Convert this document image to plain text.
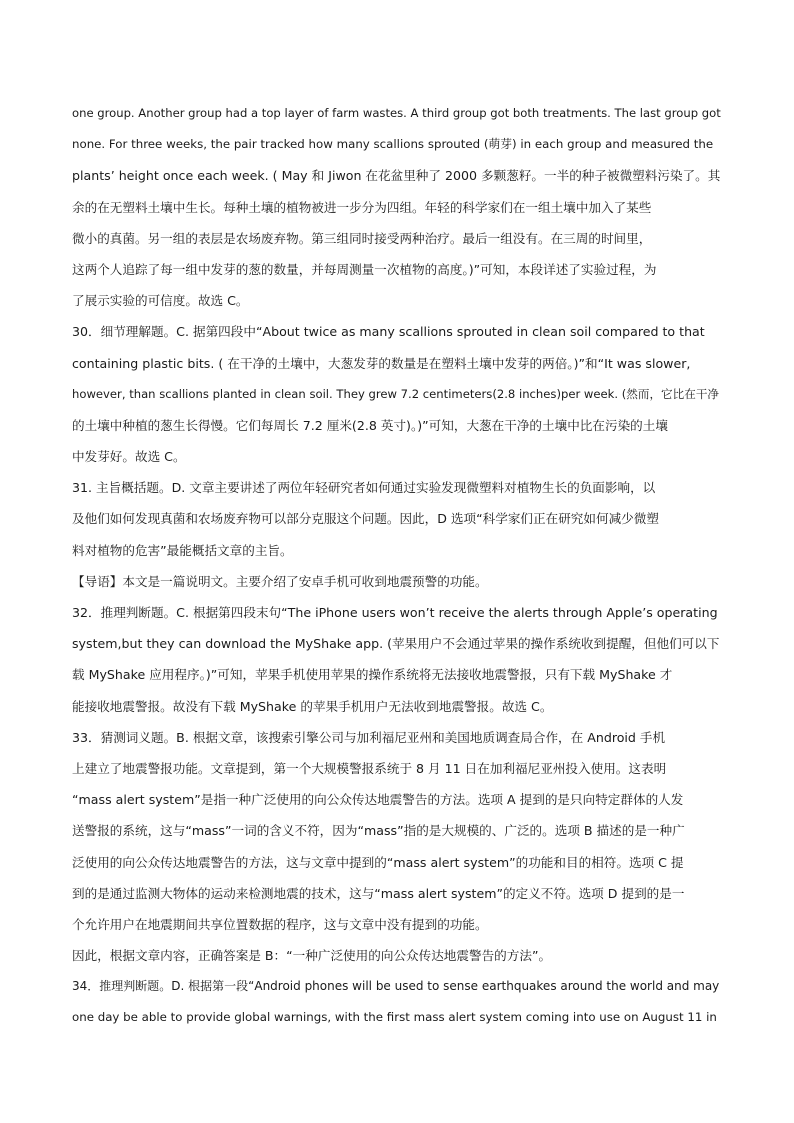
one group. Another group had a top layer of farm wastes. A third group got both treatments. The last group got
none. For three weeks, the pair tracked how many scallions sprouted (萌芽) in each group and measured the
plants’ height once each week. ( May 和 Jiwon 在花盆里种了 2000 多颗葱籽。一半的种子被微塑料污染了。其
余的在无塑料土壤中生长。每种土壤的植物被进一步分为四组。年轻的科学家们在一组土壤中加入了某些
微小的真菌。另一组的表层是农场废弃物。第三组同时接受两种治疗。最后一组没有。在三周的时间里，
这两个人追踪了每一组中发芽的葱的数量，并每周测量一次植物的高度。)”可知，本段详述了实验过程，为
了展示实验的可信度。故选 C。
30．细节理解题。C. 据第四段中“About twice as many scallions sprouted in clean soil compared to that
containing plastic bits. ( 在干净的土壤中，大葱发芽的数量是在塑料土壤中发芽的两倍。)”和“It was slower,
however, than scallions planted in clean soil. They grew 7.2 centimeters(2.8 inches)per week. (然而，它比在干净
的土壤中种植的葱生长得慢。它们每周长 7.2 厘米(2.8 英寸)。)”可知，大葱在干净的土壤中比在污染的土壤
中发芽好。故选 C。
31. 主旨概括题。D. 文章主要讲述了两位年轻研究者如何通过实验发现微塑料对植物生长的负面影响，以
及他们如何发现真菌和农场废弃物可以部分克服这个问题。因此，D 选项“科学家们正在研究如何减少微塑
料对植物的危害”最能概括文章的主旨。
【导语】本文是一篇说明文。主要介绍了安卓手机可收到地震预警的功能。
32．推理判断题。C. 根据第四段末句“The iPhone users won’t receive the alerts through Apple’s operating
system,but they can download the MyShake app. (苹果用户不会通过苹果的操作系统收到提醒，但他们可以下
载 MyShake 应用程序。)”可知，苹果手机使用苹果的操作系统将无法接收地震警报，只有下载 MyShake 才
能接收地震警报。故没有下载 MyShake 的苹果手机用户无法收到地震警报。故选 C。
33．猜测词义题。B. 根据文章，该搜索引擎公司与加利福尼亚州和美国地质调查局合作，在 Android 手机
上建立了地震警报功能。文章提到，第一个大规模警报系统于 8 月 11 日在加利福尼亚州投入使用。这表明
“mass alert system”是指一种广泛使用的向公众传达地震警告的方法。选项 A 提到的是只向特定群体的人发
送警报的系统，这与“mass”一词的含义不符，因为“mass”指的是大规模的、广泛的。选项 B 描述的是一种广
泛使用的向公众传达地震警告的方法，这与文章中提到的“mass alert system”的功能和目的相符。选项 C 提
到的是通过监测大物体的运动来检测地震的技术，这与“mass alert system”的定义不符。选项 D 提到的是一
个允许用户在地震期间共享位置数据的程序，这与文章中没有提到的功能。
因此，根据文章内容，正确答案是 B：“一种广泛使用的向公众传达地震警告的方法”。
34．推理判断题。D. 根据第一段“Android phones will be used to sense earthquakes around the world and may
one day be able to provide global warnings, with the first mass alert system coming into use on August 11 in
